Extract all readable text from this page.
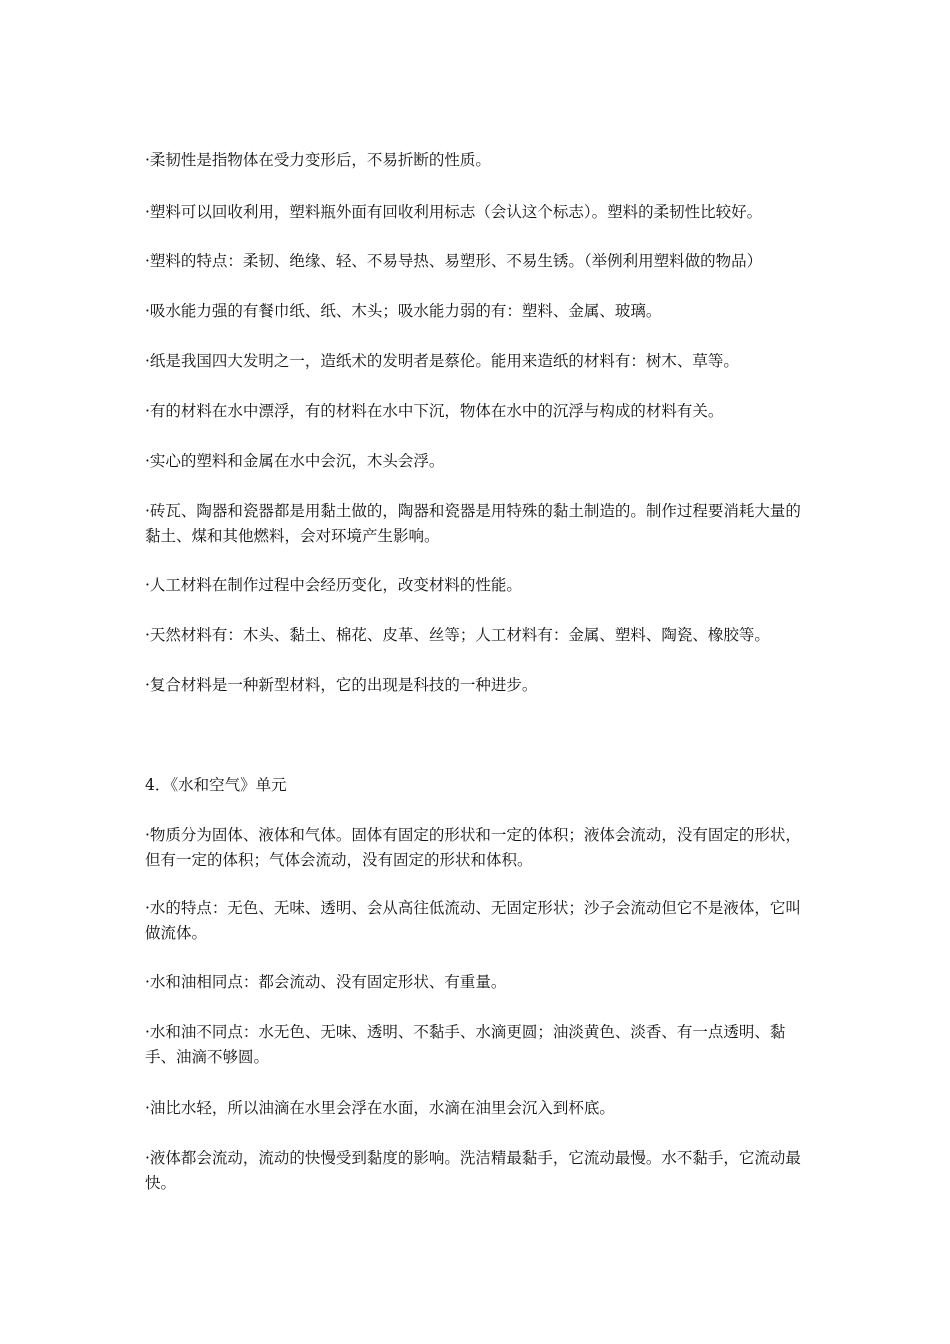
·柔韧性是指物体在受力变形后，不易折断的性质。

·塑料可以回收利用，塑料瓶外面有回收利用标志（会认这个标志）。塑料的柔韧性比较好。

·塑料的特点：柔韧、绝缘、轻、不易导热、易塑形、不易生锈。（举例利用塑料做的物品）

·吸水能力强的有餐巾纸、纸、木头；吸水能力弱的有：塑料、金属、玻璃。

·纸是我国四大发明之一，造纸术的发明者是蔡伦。能用来造纸的材料有：树木、草等。

·有的材料在水中漂浮，有的材料在水中下沉，物体在水中的沉浮与构成的材料有关。

·实心的塑料和金属在水中会沉，木头会浮。

·砖瓦、陶器和瓷器都是用黏土做的，陶器和瓷器是用特殊的黏土制造的。制作过程要消耗大量的黏土、煤和其他燃料，会对环境产生影响。

·人工材料在制作过程中会经历变化，改变材料的性能。

·天然材料有：木头、黏土、棉花、皮革、丝等；人工材料有：金属、塑料、陶瓷、橡胶等。

·复合材料是一种新型材料，它的出现是科技的一种进步。

4．《水和空气》单元

·物质分为固体、液体和气体。固体有固定的形状和一定的体积；液体会流动，没有固定的形状，但有一定的体积；气体会流动，没有固定的形状和体积。

·水的特点：无色、无味、透明、会从高往低流动、无固定形状；沙子会流动但它不是液体，它叫做流体。

·水和油相同点：都会流动、没有固定形状、有重量。

·水和油不同点：水无色、无味、透明、不黏手、水滴更圆；油淡黄色、淡香、有一点透明、黏手、油滴不够圆。

·油比水轻，所以油滴在水里会浮在水面，水滴在油里会沉入到杯底。

·液体都会流动，流动的快慢受到黏度的影响。洗洁精最黏手，它流动最慢。水不黏手，它流动最快。
